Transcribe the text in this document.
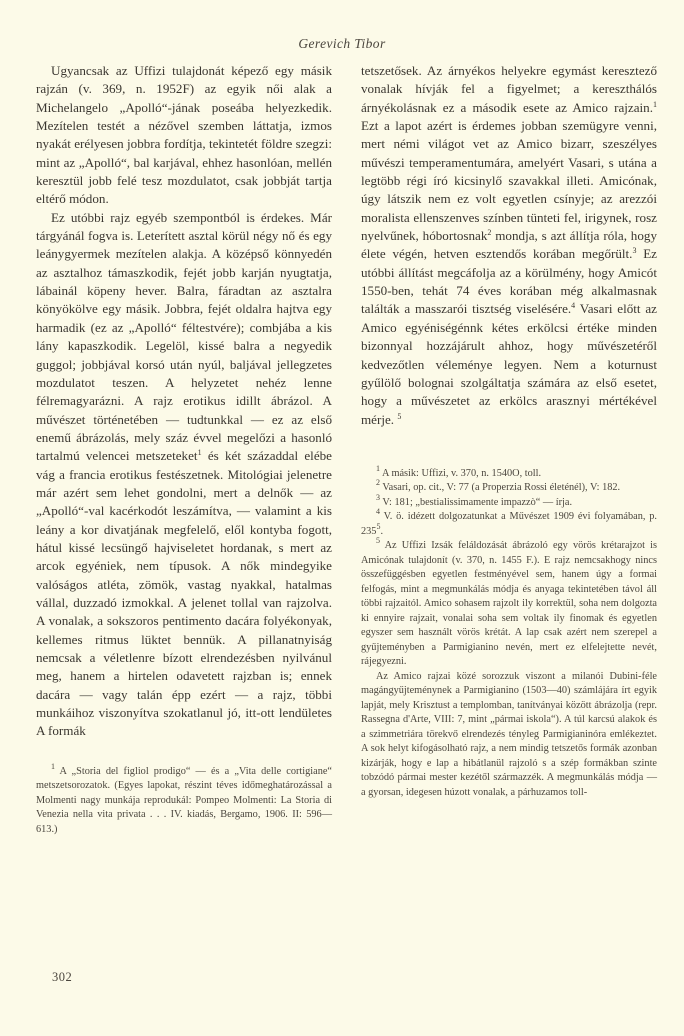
Gerevich Tibor

Ugyancsak az Uffizi tulajdonát képező egy másik rajzán (v. 369, n. 1952F) az egyik női alak a Michelangelo „Apolló“-jának poseába helyezkedik. Mezítelen testét a nézővel szemben láttatja, izmos nyakát erélyesen jobbra fordítja, tekintetét földre szegzi: mint az „Apolló“, bal karjával, ehhez hasonlóan, mellén keresztül jobb felé tesz mozdulatot, csak jobbját tartja eltérő módon.

Ez utóbbi rajz egyéb szempontból is érdekes. Már tárgyánál fogva is. Leterített asztal körül négy nő és egy leánygyermek mezítelen alakja. A középső könnyedén az asztalhoz támaszkodik, fejét jobb karján nyugtatja, lábainál köpeny hever. Balra, fáradtan az asztalra könyökölve egy másik. Jobbra, fejét oldalra hajtva egy harmadik (ez az „Apolló“ féltestvére); combjába a kis lány kapaszkodik. Legelöl, kissé balra a negyedik guggol; jobbjával korsó után nyúl, baljával jellegzetes mozdulatot teszen. A helyzetet nehéz lenne félremagyarázni. A rajz erotikus idillt ábrázol. A művészet történetében — tudtunkkal — ez az első enemű ábrázolás, mely száz évvel megelőzi a hasonló tartalmú velencei metszeteket$^1$ és két századdal elébe vág a francia erotikus festészetnek. Mitológiai jelenetre már azért sem lehet gondolni, mert a delnők — az „Apolló“-val kacérkodót leszámítva, — valamint a kis leány a kor divatjának megfelelő, elől kontyba fogott, hátul kissé lecsüngő hajviseletet hordanak, s mert az arcok egyéniek, nem típusok. A nők mindegyike valóságos atléta, zömök, vastag nyakkal, hatalmas vállal, duzzadó izmokkal. A jelenet tollal van rajzolva. A vonalak, a sokszoros pentimento dacára folyékonyak, kellemes ritmus lüktet bennük. A pillanatnyiság nemcsak a véletlenre bízott elrendezésben nyilvánul meg, hanem a hirtelen odavetett rajzban is; ennek dacára — vagy talán épp ezért — a rajz, többi munkáihoz viszonyítva szokatlanul jó, itt-ott lendületes A formák

$^1$ A „Storia del figliol prodigo“ — és a „Vita delle cortigiane“ metszetsorozatok. (Egyes lapokat, részint téves időmeghatározással a Molmenti nagy munkája reprodukál: Pompeo Molmenti: La Storia di Venezia nella vita privata . . . IV. kiadás, Bergamo, 1906. II: 596—613.)

tetszetősek. Az árnyékos helyekre egymást keresztező vonalak hívják fel a figyelmet; a kereszthálós árnyékolásnak ez a második esete az Amico rajzain.$^1$ Ezt a lapot azért is érdemes jobban szemügyre venni, mert némi világot vet az Amico bizarr, szeszélyes művészi temperamentumára, amelyért Vasari, s utána a legtöbb régi író kicsinylő szavakkal illeti. Amicónak, úgy látszik nem ez volt egyetlen csínyje; az arezzói moralista ellenszenves színben tünteti fel, irigynek, rosz nyelvűnek, hóbortosnak$^2$ mondja, s azt állítja róla, hogy élete végén, hetven esztendős korában megőrült.$^3$ Ez utóbbi állítást megcáfolja az a körülmény, hogy Amicót 1550-ben, tehát 74 éves korában még alkalmasnak találták a masszarói tisztség viselésére.$^4$ Vasari előtt az Amico egyéniségénnk kétes erkölcsi értéke minden bizonnyal hozzájárult ahhoz, hogy művészetéről kedvezőtlen véleménye legyen. Nem a koturnust gyűlölő bolognai szolgáltatja számára az első esetet, hogy a művészetet az erkölcs arasznyi mértékével mérje. $^5$

$^1$ A másik: Uffizi, v. 370, n. 1540O, toll.

$^2$ Vasari, op. cit., V: 77 (a Properzia Rossi életénél), V: 182.

$^3$ V: 181; „bestialissimamente impazzò“ — írja.

$^4$ V. ö. idézett dolgozatunkat a Művészet 1909 évi folyamában, p. $235^5$.

$^5$ Az Uffizi Izsák feláldozását ábrázoló egy vörös krétarajzot is Amicónak tulajdonít (v. 370, n. 1455 F.). E rajz nemcsakhogy nincs összefüggésben egyetlen festményével sem, hanem úgy a formai felfogás, mint a megmunkálás módja és anyaga tekintetében távol áll többi rajzaitól. Amico sohasem rajzolt ily korrektül, soha nem dolgozta ki ennyire rajzait, vonalai soha sem voltak ily finomak és egyetlen egyszer sem használt vörös krétát. A lap csak azért nem szerepel a gyűjteményben a Parmigianino nevén, mert ez elfelejtette nevét, rájegyezni.

Az Amico rajzai közé sorozzuk viszont a milanói Dubini-féle magángyűjteménynek a Parmigianino (1503—40) számlájára írt egyik lapját, mely Krisztust a templomban, tanítványai között ábrázolja (repr. Rassegna d'Arte, VIII: 7, mint „pármai iskola“). A túl karcsú alakok és a szimmetriára törekvő elrendezés tényleg Parmigianinóra emlékeztet. A sok helyt kifogásolható rajz, a nem mindig tetszetős formák azonban kizárják, hogy e lap a hibátlanül rajzoló s a szép formákban szinte tobzódó pármai mester kezétől származzék. A megmunkálás módja — a gyorsan, idegesen húzott vonalak, a párhuzamos toll-

302
